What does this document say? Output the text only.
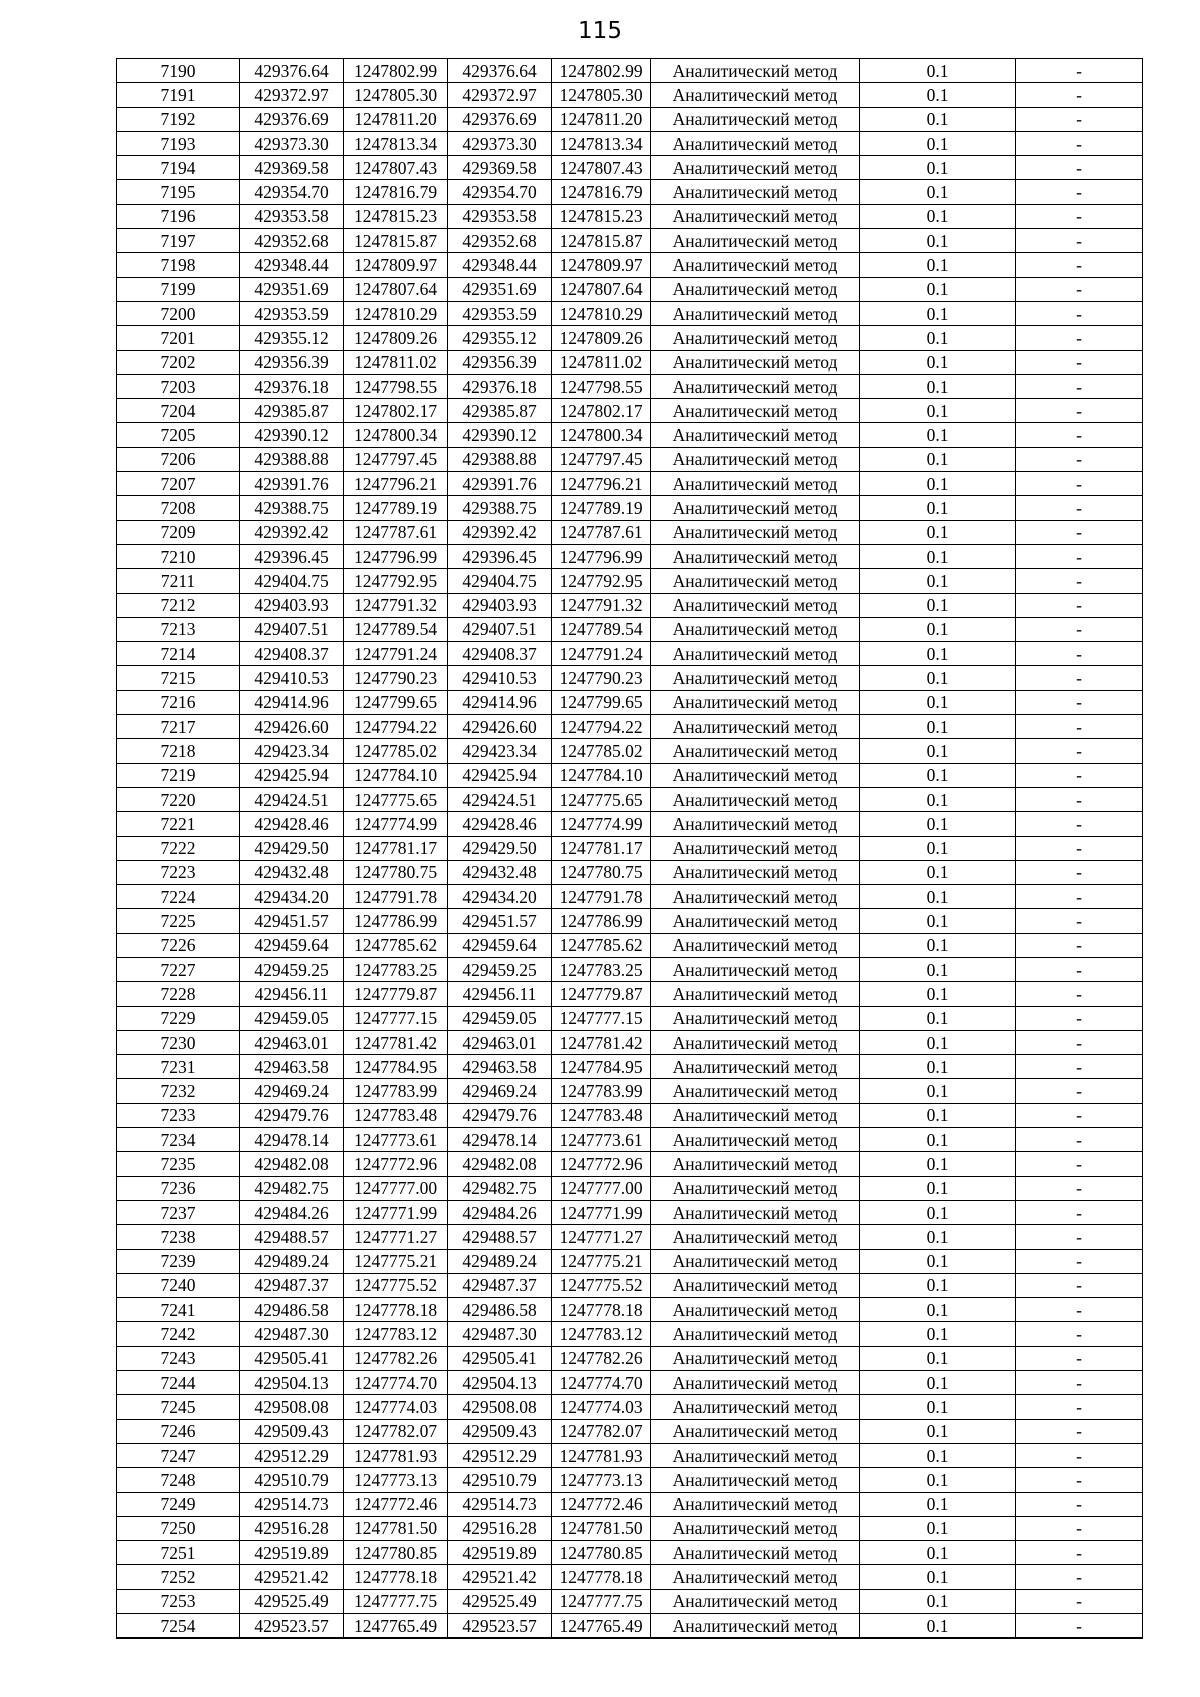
115
7190	429376.64	1247802.99	429376.64	1247802.99	Аналитический метод	0.1	-
7191	429372.97	1247805.30	429372.97	1247805.30	Аналитический метод	0.1	-
7192	429376.69	1247811.20	429376.69	1247811.20	Аналитический метод	0.1	-
7193	429373.30	1247813.34	429373.30	1247813.34	Аналитический метод	0.1	-
7194	429369.58	1247807.43	429369.58	1247807.43	Аналитический метод	0.1	-
7195	429354.70	1247816.79	429354.70	1247816.79	Аналитический метод	0.1	-
7196	429353.58	1247815.23	429353.58	1247815.23	Аналитический метод	0.1	-
7197	429352.68	1247815.87	429352.68	1247815.87	Аналитический метод	0.1	-
7198	429348.44	1247809.97	429348.44	1247809.97	Аналитический метод	0.1	-
7199	429351.69	1247807.64	429351.69	1247807.64	Аналитический метод	0.1	-
7200	429353.59	1247810.29	429353.59	1247810.29	Аналитический метод	0.1	-
7201	429355.12	1247809.26	429355.12	1247809.26	Аналитический метод	0.1	-
7202	429356.39	1247811.02	429356.39	1247811.02	Аналитический метод	0.1	-
7203	429376.18	1247798.55	429376.18	1247798.55	Аналитический метод	0.1	-
7204	429385.87	1247802.17	429385.87	1247802.17	Аналитический метод	0.1	-
7205	429390.12	1247800.34	429390.12	1247800.34	Аналитический метод	0.1	-
7206	429388.88	1247797.45	429388.88	1247797.45	Аналитический метод	0.1	-
7207	429391.76	1247796.21	429391.76	1247796.21	Аналитический метод	0.1	-
7208	429388.75	1247789.19	429388.75	1247789.19	Аналитический метод	0.1	-
7209	429392.42	1247787.61	429392.42	1247787.61	Аналитический метод	0.1	-
7210	429396.45	1247796.99	429396.45	1247796.99	Аналитический метод	0.1	-
7211	429404.75	1247792.95	429404.75	1247792.95	Аналитический метод	0.1	-
7212	429403.93	1247791.32	429403.93	1247791.32	Аналитический метод	0.1	-
7213	429407.51	1247789.54	429407.51	1247789.54	Аналитический метод	0.1	-
7214	429408.37	1247791.24	429408.37	1247791.24	Аналитический метод	0.1	-
7215	429410.53	1247790.23	429410.53	1247790.23	Аналитический метод	0.1	-
7216	429414.96	1247799.65	429414.96	1247799.65	Аналитический метод	0.1	-
7217	429426.60	1247794.22	429426.60	1247794.22	Аналитический метод	0.1	-
7218	429423.34	1247785.02	429423.34	1247785.02	Аналитический метод	0.1	-
7219	429425.94	1247784.10	429425.94	1247784.10	Аналитический метод	0.1	-
7220	429424.51	1247775.65	429424.51	1247775.65	Аналитический метод	0.1	-
7221	429428.46	1247774.99	429428.46	1247774.99	Аналитический метод	0.1	-
7222	429429.50	1247781.17	429429.50	1247781.17	Аналитический метод	0.1	-
7223	429432.48	1247780.75	429432.48	1247780.75	Аналитический метод	0.1	-
7224	429434.20	1247791.78	429434.20	1247791.78	Аналитический метод	0.1	-
7225	429451.57	1247786.99	429451.57	1247786.99	Аналитический метод	0.1	-
7226	429459.64	1247785.62	429459.64	1247785.62	Аналитический метод	0.1	-
7227	429459.25	1247783.25	429459.25	1247783.25	Аналитический метод	0.1	-
7228	429456.11	1247779.87	429456.11	1247779.87	Аналитический метод	0.1	-
7229	429459.05	1247777.15	429459.05	1247777.15	Аналитический метод	0.1	-
7230	429463.01	1247781.42	429463.01	1247781.42	Аналитический метод	0.1	-
7231	429463.58	1247784.95	429463.58	1247784.95	Аналитический метод	0.1	-
7232	429469.24	1247783.99	429469.24	1247783.99	Аналитический метод	0.1	-
7233	429479.76	1247783.48	429479.76	1247783.48	Аналитический метод	0.1	-
7234	429478.14	1247773.61	429478.14	1247773.61	Аналитический метод	0.1	-
7235	429482.08	1247772.96	429482.08	1247772.96	Аналитический метод	0.1	-
7236	429482.75	1247777.00	429482.75	1247777.00	Аналитический метод	0.1	-
7237	429484.26	1247771.99	429484.26	1247771.99	Аналитический метод	0.1	-
7238	429488.57	1247771.27	429488.57	1247771.27	Аналитический метод	0.1	-
7239	429489.24	1247775.21	429489.24	1247775.21	Аналитический метод	0.1	-
7240	429487.37	1247775.52	429487.37	1247775.52	Аналитический метод	0.1	-
7241	429486.58	1247778.18	429486.58	1247778.18	Аналитический метод	0.1	-
7242	429487.30	1247783.12	429487.30	1247783.12	Аналитический метод	0.1	-
7243	429505.41	1247782.26	429505.41	1247782.26	Аналитический метод	0.1	-
7244	429504.13	1247774.70	429504.13	1247774.70	Аналитический метод	0.1	-
7245	429508.08	1247774.03	429508.08	1247774.03	Аналитический метод	0.1	-
7246	429509.43	1247782.07	429509.43	1247782.07	Аналитический метод	0.1	-
7247	429512.29	1247781.93	429512.29	1247781.93	Аналитический метод	0.1	-
7248	429510.79	1247773.13	429510.79	1247773.13	Аналитический метод	0.1	-
7249	429514.73	1247772.46	429514.73	1247772.46	Аналитический метод	0.1	-
7250	429516.28	1247781.50	429516.28	1247781.50	Аналитический метод	0.1	-
7251	429519.89	1247780.85	429519.89	1247780.85	Аналитический метод	0.1	-
7252	429521.42	1247778.18	429521.42	1247778.18	Аналитический метод	0.1	-
7253	429525.49	1247777.75	429525.49	1247777.75	Аналитический метод	0.1	-
7254	429523.57	1247765.49	429523.57	1247765.49	Аналитический метод	0.1	-
